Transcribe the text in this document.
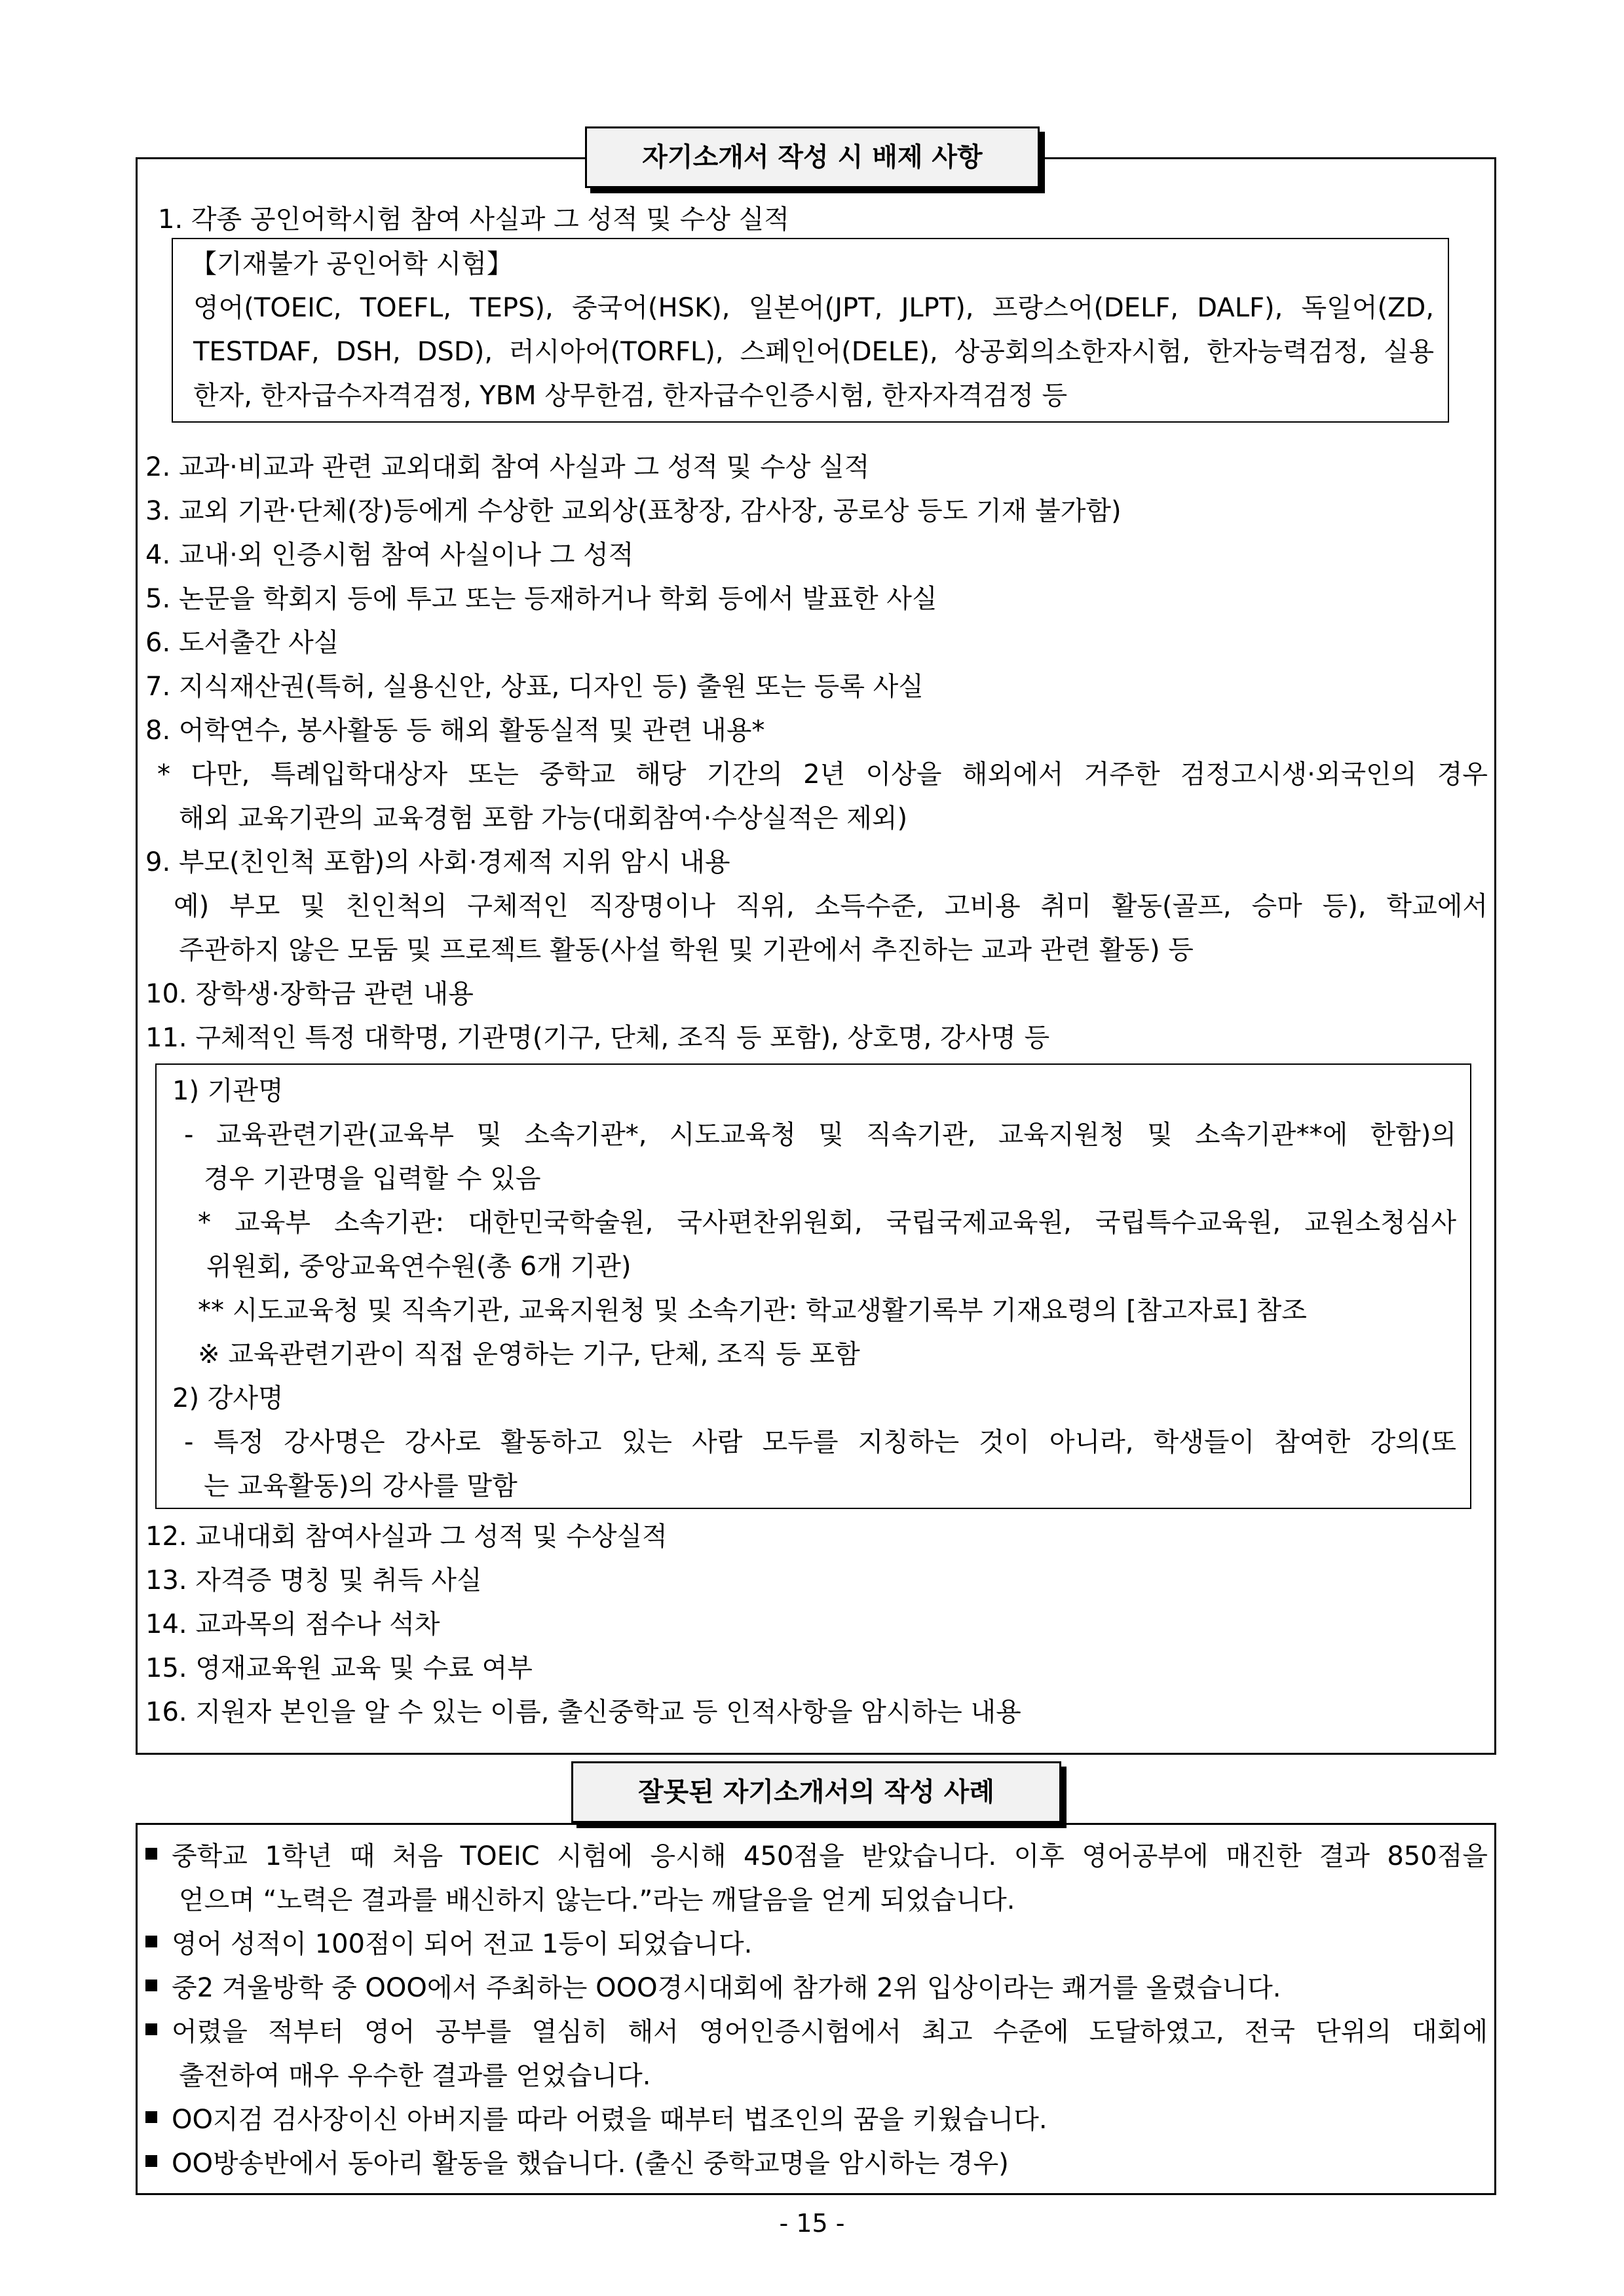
자기소개서 작성 시 배제 사항
1. 각종 공인어학시험 참여 사실과 그 성적 및 수상 실적
【기재불가 공인어학 시험】
영어(TOEIC, TOEFL, TEPS), 중국어(HSK), 일본어(JPT, JLPT), 프랑스어(DELF, DALF), 독일어(ZD,
TESTDAF, DSH, DSD), 러시아어(TORFL), 스페인어(DELE), 상공회의소한자시험, 한자능력검정, 실용
한자, 한자급수자격검정, YBM 상무한검, 한자급수인증시험, 한자자격검정 등
2. 교과·비교과 관련 교외대회 참여 사실과 그 성적 및 수상 실적
3. 교외 기관·단체(장)등에게 수상한 교외상(표창장, 감사장, 공로상 등도 기재 불가함)
4. 교내·외 인증시험 참여 사실이나 그 성적
5. 논문을 학회지 등에 투고 또는 등재하거나 학회 등에서 발표한 사실
6. 도서출간 사실
7. 지식재산권(특허, 실용신안, 상표, 디자인 등) 출원 또는 등록 사실
8. 어학연수, 봉사활동 등 해외 활동실적 및 관련 내용*
* 다만, 특례입학대상자 또는 중학교 해당 기간의 2년 이상을 해외에서 거주한 검정고시생·외국인의 경우
해외 교육기관의 교육경험 포함 가능(대회참여·수상실적은 제외)
9. 부모(친인척 포함)의 사회·경제적 지위 암시 내용
예) 부모 및 친인척의 구체적인 직장명이나 직위, 소득수준, 고비용 취미 활동(골프, 승마 등), 학교에서
주관하지 않은 모둠 및 프로젝트 활동(사설 학원 및 기관에서 추진하는 교과 관련 활동) 등
10. 장학생·장학금 관련 내용
11. 구체적인 특정 대학명, 기관명(기구, 단체, 조직 등 포함), 상호명, 강사명 등
1) 기관명
- 교육관련기관(교육부 및 소속기관*, 시도교육청 및 직속기관, 교육지원청 및 소속기관**에 한함)의
경우 기관명을 입력할 수 있음
* 교육부 소속기관: 대한민국학술원, 국사편찬위원회, 국립국제교육원, 국립특수교육원, 교원소청심사
위원회, 중앙교육연수원(총 6개 기관)
** 시도교육청 및 직속기관, 교육지원청 및 소속기관: 학교생활기록부 기재요령의 [참고자료] 참조
※ 교육관련기관이 직접 운영하는 기구, 단체, 조직 등 포함
2) 강사명
- 특정 강사명은 강사로 활동하고 있는 사람 모두를 지칭하는 것이 아니라, 학생들이 참여한 강의(또
는 교육활동)의 강사를 말함
12. 교내대회 참여사실과 그 성적 및 수상실적
13. 자격증 명칭 및 취득 사실
14. 교과목의 점수나 석차
15. 영재교육원 교육 및 수료 여부
16. 지원자 본인을 알 수 있는 이름, 출신중학교 등 인적사항을 암시하는 내용
잘못된 자기소개서의 작성 사례
중학교 1학년 때 처음 TOEIC 시험에 응시해 450점을 받았습니다. 이후 영어공부에 매진한 결과 850점을
얻으며 “노력은 결과를 배신하지 않는다.”라는 깨달음을 얻게 되었습니다.
영어 성적이 100점이 되어 전교 1등이 되었습니다.
중2 겨울방학 중 OOO에서 주최하는 OOO경시대회에 참가해 2위 입상이라는 쾌거를 올렸습니다.
어렸을 적부터 영어 공부를 열심히 해서 영어인증시험에서 최고 수준에 도달하였고, 전국 단위의 대회에
출전하여 매우 우수한 결과를 얻었습니다.
OO지검 검사장이신 아버지를 따라 어렸을 때부터 법조인의 꿈을 키웠습니다.
OO방송반에서 동아리 활동을 했습니다. (출신 중학교명을 암시하는 경우)
- 15 -
